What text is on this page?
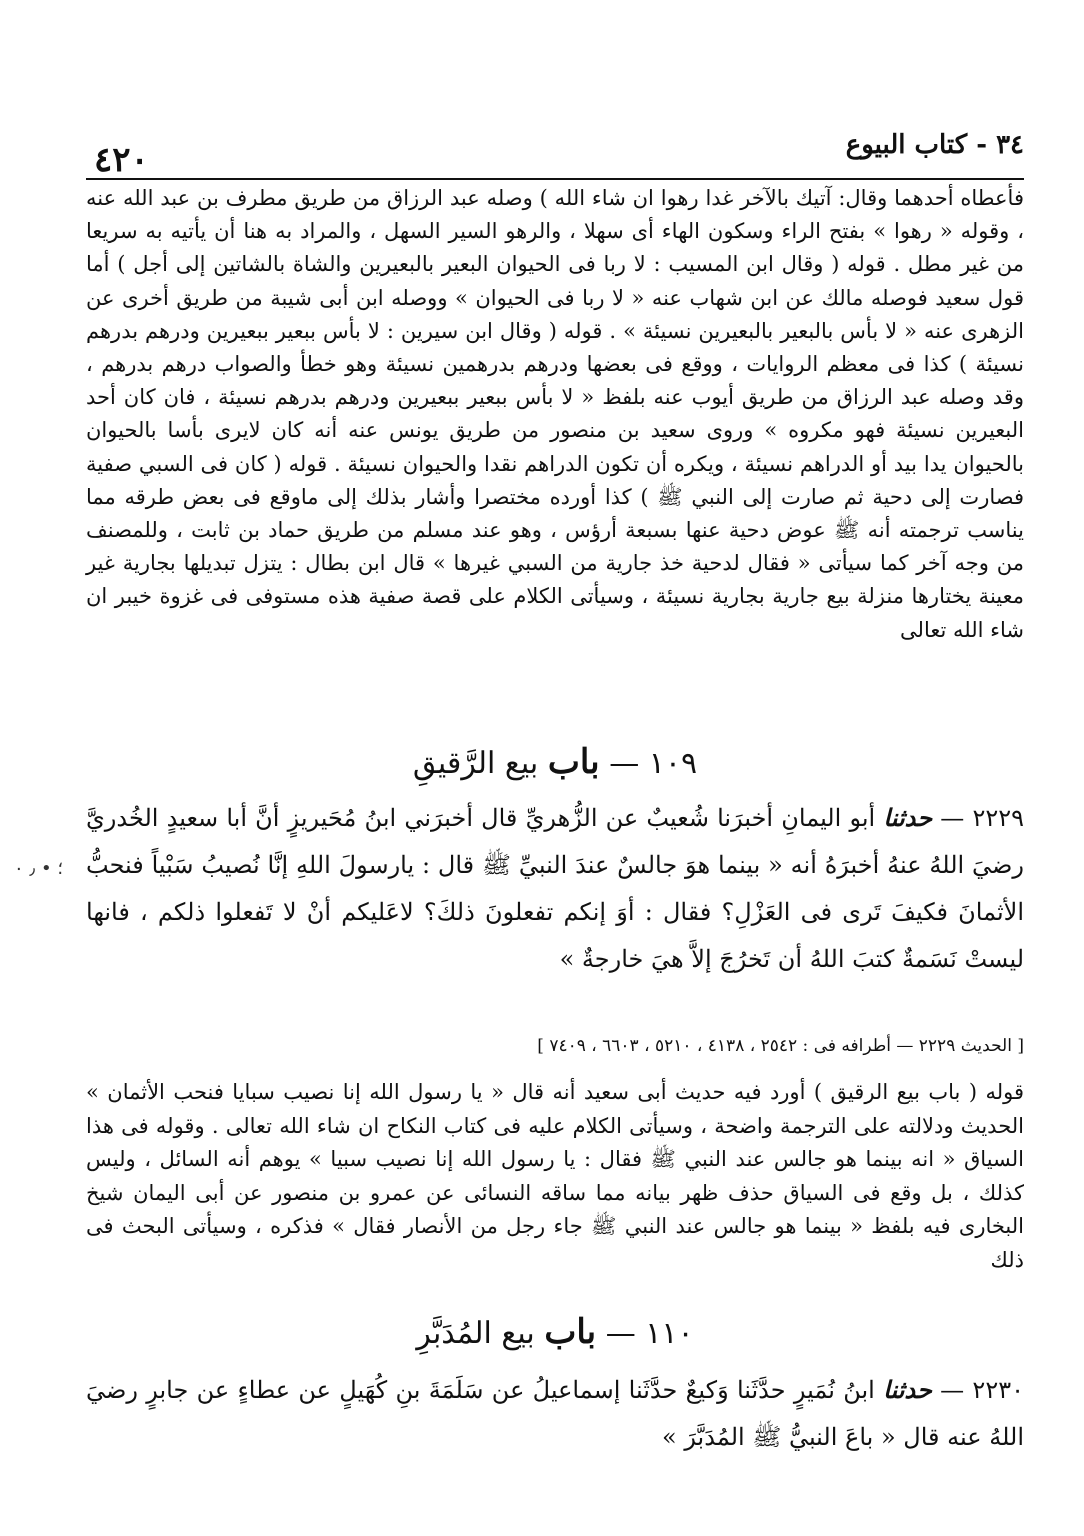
٤٢٠	٣٤ - كتاب البيوع
فأعطاه أحدهما وقال: آتيك بالآخر غدا رهوا ان شاء الله ) وصله عبد الرزاق من طريق مطرف بن عبد الله عنه ، وقوله « رهوا » بفتح الراء وسكون الهاء أى سهلا ، والرهو السير السهل ، والمراد به هنا أن يأتيه به سريعا من غير مطل . قوله ( وقال ابن المسيب : لا ربا فى الحيوان البعير بالبعيرين والشاة بالشاتين إلى أجل ) أما قول سعيد فوصله مالك عن ابن شهاب عنه « لا ربا فى الحيوان » ووصله ابن أبى شيبة من طريق أخرى عن الزهرى عنه « لا بأس بالبعير بالبعيرين نسيئة » . قوله ( وقال ابن سيرين : لا بأس ببعير ببعيرين ودرهم بدرهم نسيئة ) كذا فى معظم الروايات ، ووقع فى بعضها ودرهم بدرهمين نسيئة وهو خطأ والصواب درهم بدرهم ، وقد وصله عبد الرزاق من طريق أيوب عنه بلفظ « لا بأس ببعير ببعيرين ودرهم بدرهم نسيئة ، فان كان أحد البعيرين نسيئة فهو مكروه » وروى سعيد بن منصور من طريق يونس عنه أنه كان لايرى بأسا بالحيوان بالحيوان يدا بيد أو الدراهم نسيئة ، ويكره أن تكون الدراهم نقدا والحيوان نسيئة . قوله ( كان فى السبي صفية فصارت إلى دحية ثم صارت إلى النبي ﷺ ) كذا أورده مختصرا وأشار بذلك إلى ماوقع فى بعض طرقه مما يناسب ترجمته أنه ﷺ عوض دحية عنها بسبعة أرؤس ، وهو عند مسلم من طريق حماد بن ثابت ، وللمصنف من وجه آخر كما سيأتى « فقال لدحية خذ جارية من السبي غيرها » قال ابن بطال : يتزل تبديلها بجارية غير معينة يختارها منزلة بيع جارية بجارية نسيئة ، وسيأتى الكلام على قصة صفية هذه مستوفى فى غزوة خيبر ان شاء الله تعالى
١٠٩ — باب بيع الرَّقيقِ
٢٢٢٩ — حدثنا أبو اليمانِ أخبرَنا شُعيبٌ عن الزُّهريِّ قال أخبرَني ابنُ مُحَيريزٍ أنَّ أبا سعيدٍ الخُدريَّ رضيَ اللهُ عنهُ أخبرَهُ أنه « بينما هوَ جالسٌ عندَ النبيِّ ﷺ قال : يارسولَ اللهِ إنَّا نُصيبُ سَبْياً فنحبُّ الأثمانَ فكيفَ تَرى فى العَزْلِ؟ فقال : أوَ إنكم تفعلونَ ذلكَ؟ لاعَليكم أنْ لا تَفعلوا ذلكم ، فانها ليستْ نَسَمةٌ كتبَ اللهُ أن تَخرُجَ إلاَّ هيَ خارجةٌ »
[ الحديث ٢٢٢٩ — أطرافه فى : ٢٥٤٢ ، ٤١٣٨ ، ٥٢١٠ ، ٦٦٠٣ ، ٧٤٠٩ ]
قوله ( باب بيع الرقيق ) أورد فيه حديث أبى سعيد أنه قال « يا رسول الله إنا نصيب سبايا فنحب الأثمان » الحديث ودلالته على الترجمة واضحة ، وسيأتى الكلام عليه فى كتاب النكاح ان شاء الله تعالى . وقوله فى هذا السياق « انه بينما هو جالس عند النبي ﷺ فقال : يا رسول الله إنا نصيب سبيا » يوهم أنه السائل ، وليس كذلك ، بل وقع فى السياق حذف ظهر بيانه مما ساقه النسائى عن عمرو بن منصور عن أبى اليمان شيخ البخارى فيه بلفظ « بينما هو جالس عند النبي ﷺ جاء رجل من الأنصار فقال » فذكره ، وسيأتى البحث فى ذلك
١١٠ — باب بيع المُدَبَّرِ
٢٢٣٠ — حدثنا ابنُ نُمَيرٍ حدَّثَنا وَكيعٌ حدَّثَنا إسماعيلُ عن سَلَمَةَ بنِ كُهَيلٍ عن عطاءٍ عن جابرٍ رضيَ اللهُ عنه قال « باعَ النبيُّ ﷺ المُدَبَّرَ »
؛ • ٫ ٠
